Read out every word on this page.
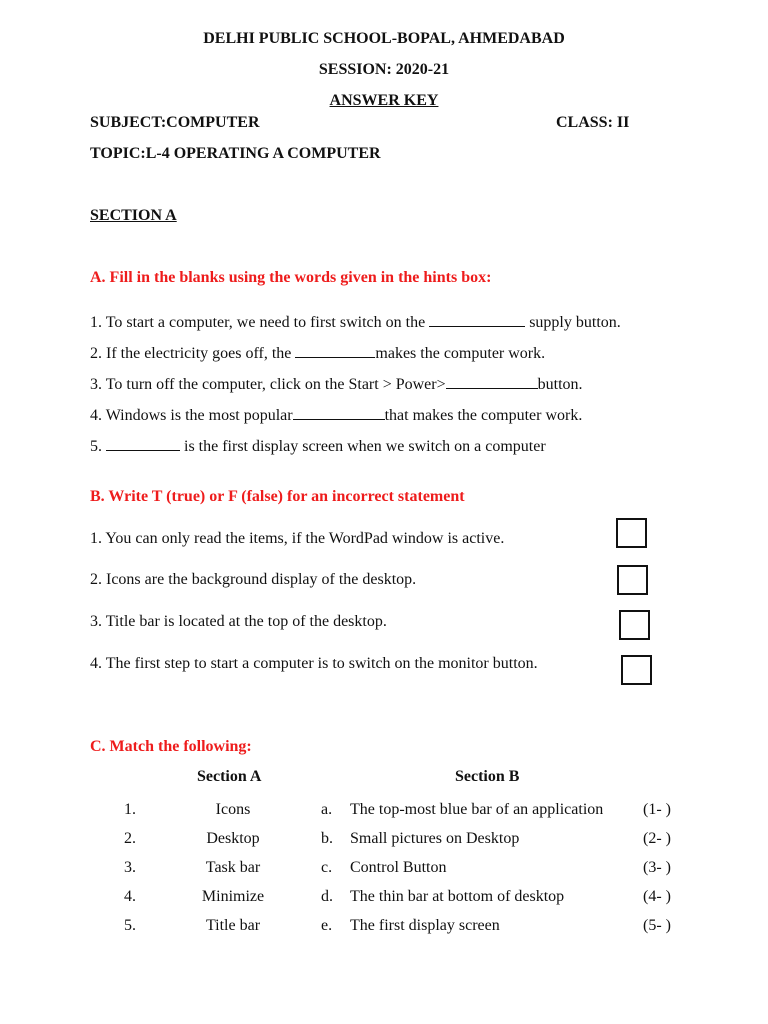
DELHI PUBLIC SCHOOL-BOPAL, AHMEDABAD
SESSION: 2020-21
ANSWER KEY
SUBJECT:COMPUTER	CLASS: II
TOPIC:L-4 OPERATING A COMPUTER
SECTION A
A. Fill in the blanks using the words given in the hints box:
1. To start a computer, we need to first switch on the	supply button.
2. If the electricity goes off, the	makes the computer work.
3. To turn off the computer, click on the Start > Power>	button.
4. Windows is the most popular	that makes the computer work.
5.	is the first display screen when we switch on a computer
B. Write T (true) or F (false) for an incorrect statement
1. You can only read the items, if the WordPad window is active.
2. Icons are the background display of the desktop.
3. Title bar is located at the top of the desktop.
4. The first step to start a computer is to switch on the monitor button.
C. Match the following:
Section A	Section B
1.	Icons	a. The top-most blue bar of an application (1- )
2.	Desktop	b. Small pictures on Desktop	(2- )
3.	Task bar	c. Control Button	(3- )
4.	Minimize	d. The thin bar at bottom of desktop	(4- )
5.	Title bar	e. The first display screen	(5- )
